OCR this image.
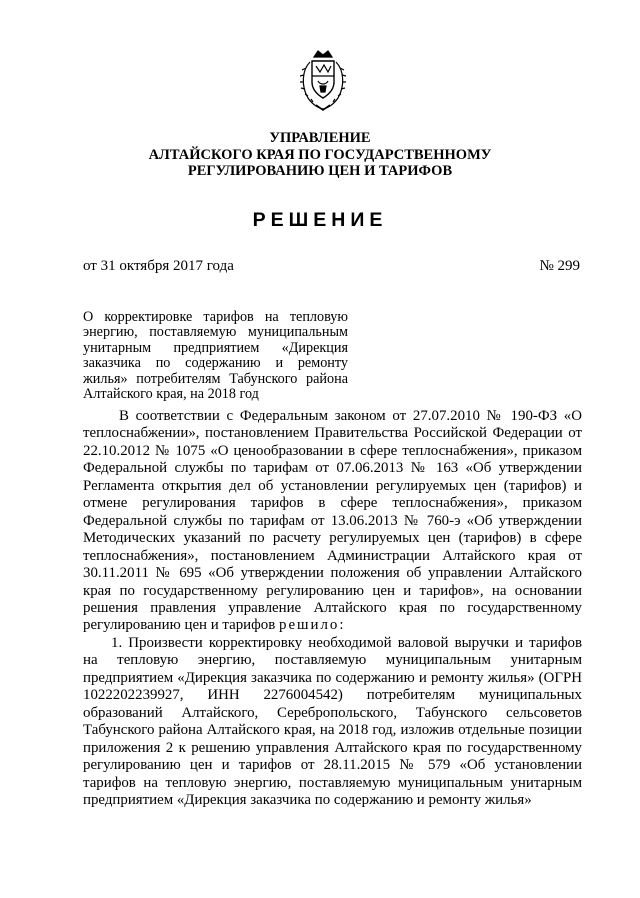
УПРАВЛЕНИЕ
АЛТАЙСКОГО КРАЯ ПО ГОСУДАРСТВЕННОМУ
РЕГУЛИРОВАНИЮ ЦЕН И ТАРИФОВ
РЕШЕНИЕ
от 31 октября 2017 года	№ 299
О корректировке тарифов на тепловую энергию, поставляемую муниципальным унитарным предприятием «Дирекция заказчика по содержанию и ремонту жилья» потребителям Табунского района Алтайского края, на 2018 год

В соответствии с Федеральным законом от 27.07.2010 № 190-ФЗ «О теплоснабжении», постановлением Правительства Российской Федерации от 22.10.2012 № 1075 «О ценообразовании в сфере теплоснабжения», приказом Федеральной службы по тарифам от 07.06.2013 № 163 «Об утверждении Регламента открытия дел об установлении регулируемых цен (тарифов) и отмене регулирования тарифов в сфере теплоснабжения», приказом Федеральной службы по тарифам от 13.06.2013 № 760-э «Об утверждении Методических указаний по расчету регулируемых цен (тарифов) в сфере теплоснабжения», постановлением Администрации Алтайского края от 30.11.2011 № 695 «Об утверждении положения об управлении Алтайского края по государственному регулированию цен и тарифов», на основании решения правления управление Алтайского края по государственному регулированию цен и тарифов решило:

1. Произвести корректировку необходимой валовой выручки и тарифов на тепловую энергию, поставляемую муниципальным унитарным предприятием «Дирекция заказчика по содержанию и ремонту жилья» (ОГРН 1022202239927, ИНН 2276004542) потребителям муниципальных образований Алтайского, Серебропольского, Табунского сельсоветов Табунского района Алтайского края, на 2018 год, изложив отдельные позиции приложения 2 к решению управления Алтайского края по государственному регулированию цен и тарифов от 28.11.2015 № 579 «Об установлении тарифов на тепловую энергию, поставляемую муниципальным унитарным предприятием «Дирекция заказчика по содержанию и ремонту жилья»
